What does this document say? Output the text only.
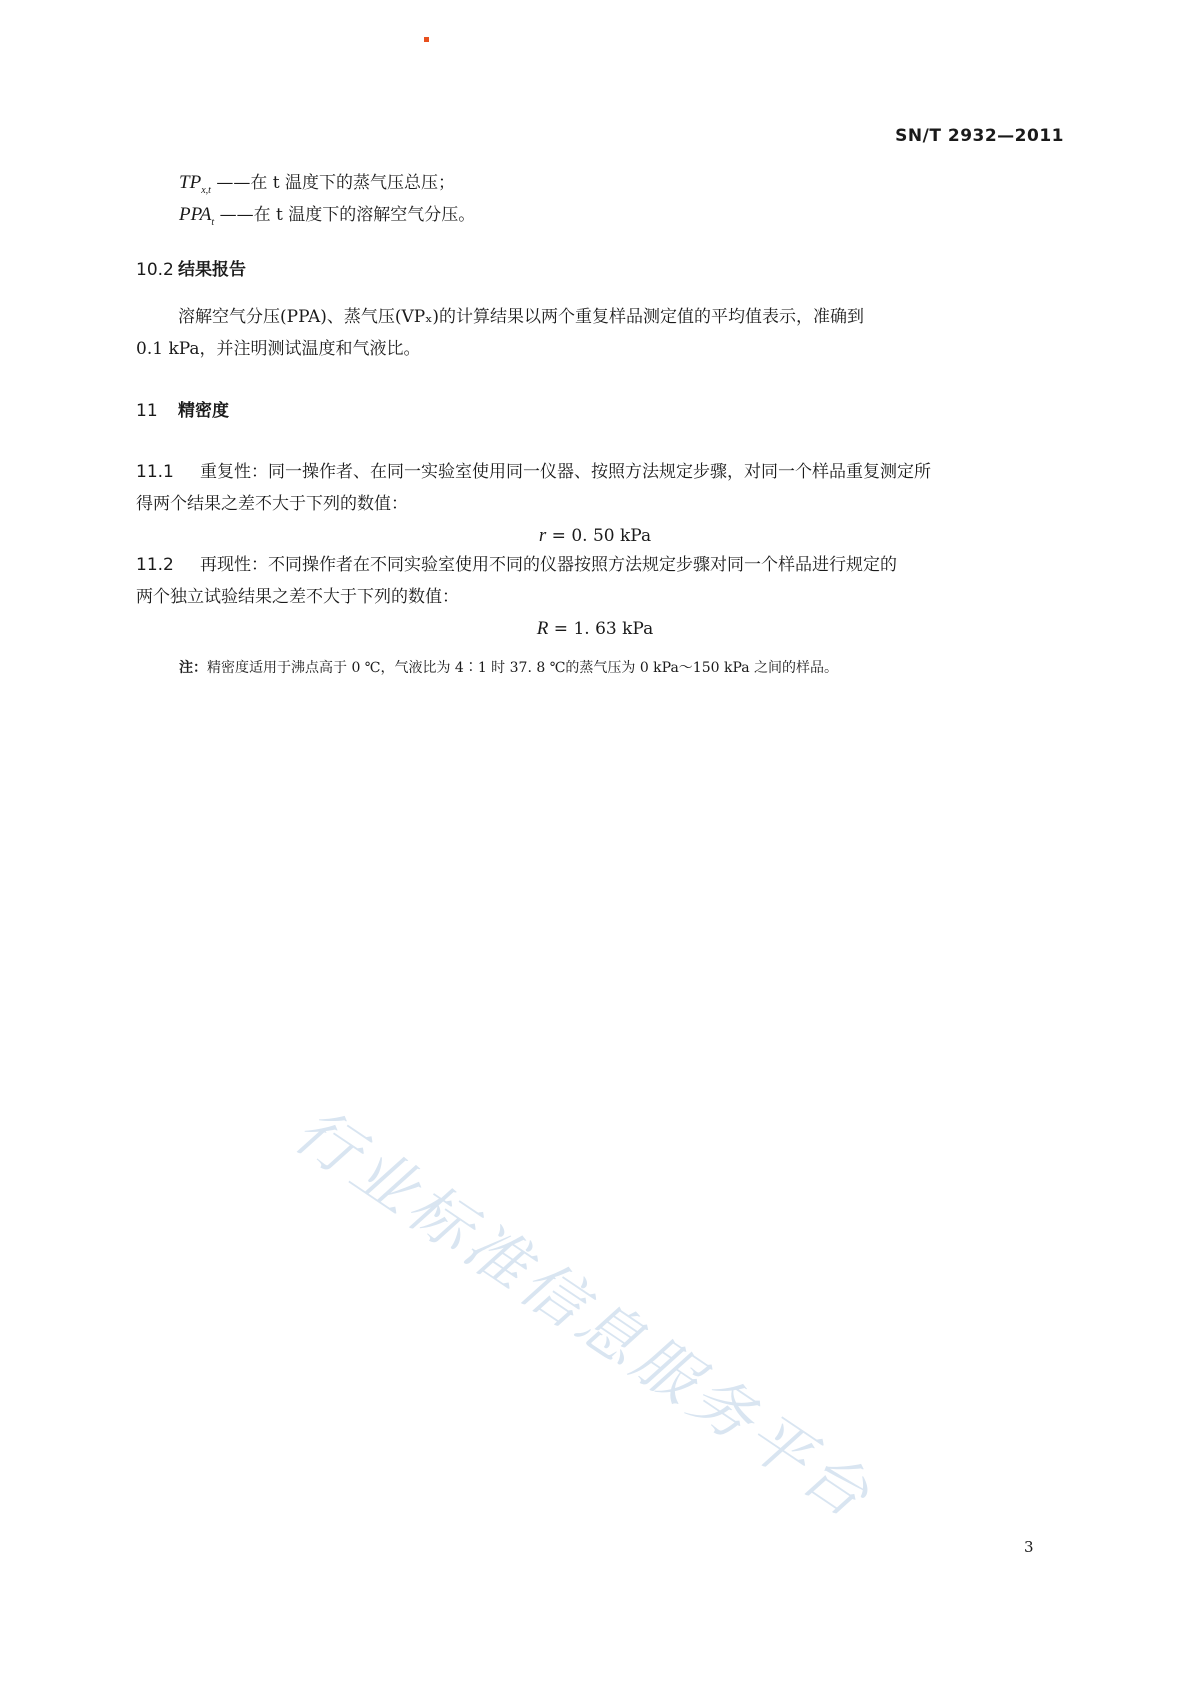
SN/T 2932—2011
$TP_{x,t}$ ——在 t 温度下的蒸气压总压；
$PPA_t$ ——在 t 温度下的溶解空气分压。
10.2 结果报告
溶解空气分压(PPA)、蒸气压(VPₓ)的计算结果以两个重复样品测定值的平均值表示，准确到
0.1 kPa，并注明测试温度和气液比。
11 精密度
11.1 重复性：同一操作者、在同一实验室使用同一仪器、按照方法规定步骤，对同一个样品重复测定所
得两个结果之差不大于下列的数值：
r = 0. 50 kPa
11.2 再现性：不同操作者在不同实验室使用不同的仪器按照方法规定步骤对同一个样品进行规定的
两个独立试验结果之差不大于下列的数值：
R = 1. 63 kPa
注：精密度适用于沸点高于 0 ℃，气液比为 4∶1 时 37. 8 ℃的蒸气压为 0 kPa～150 kPa 之间的样品。
行业标准信息服务平台
3
